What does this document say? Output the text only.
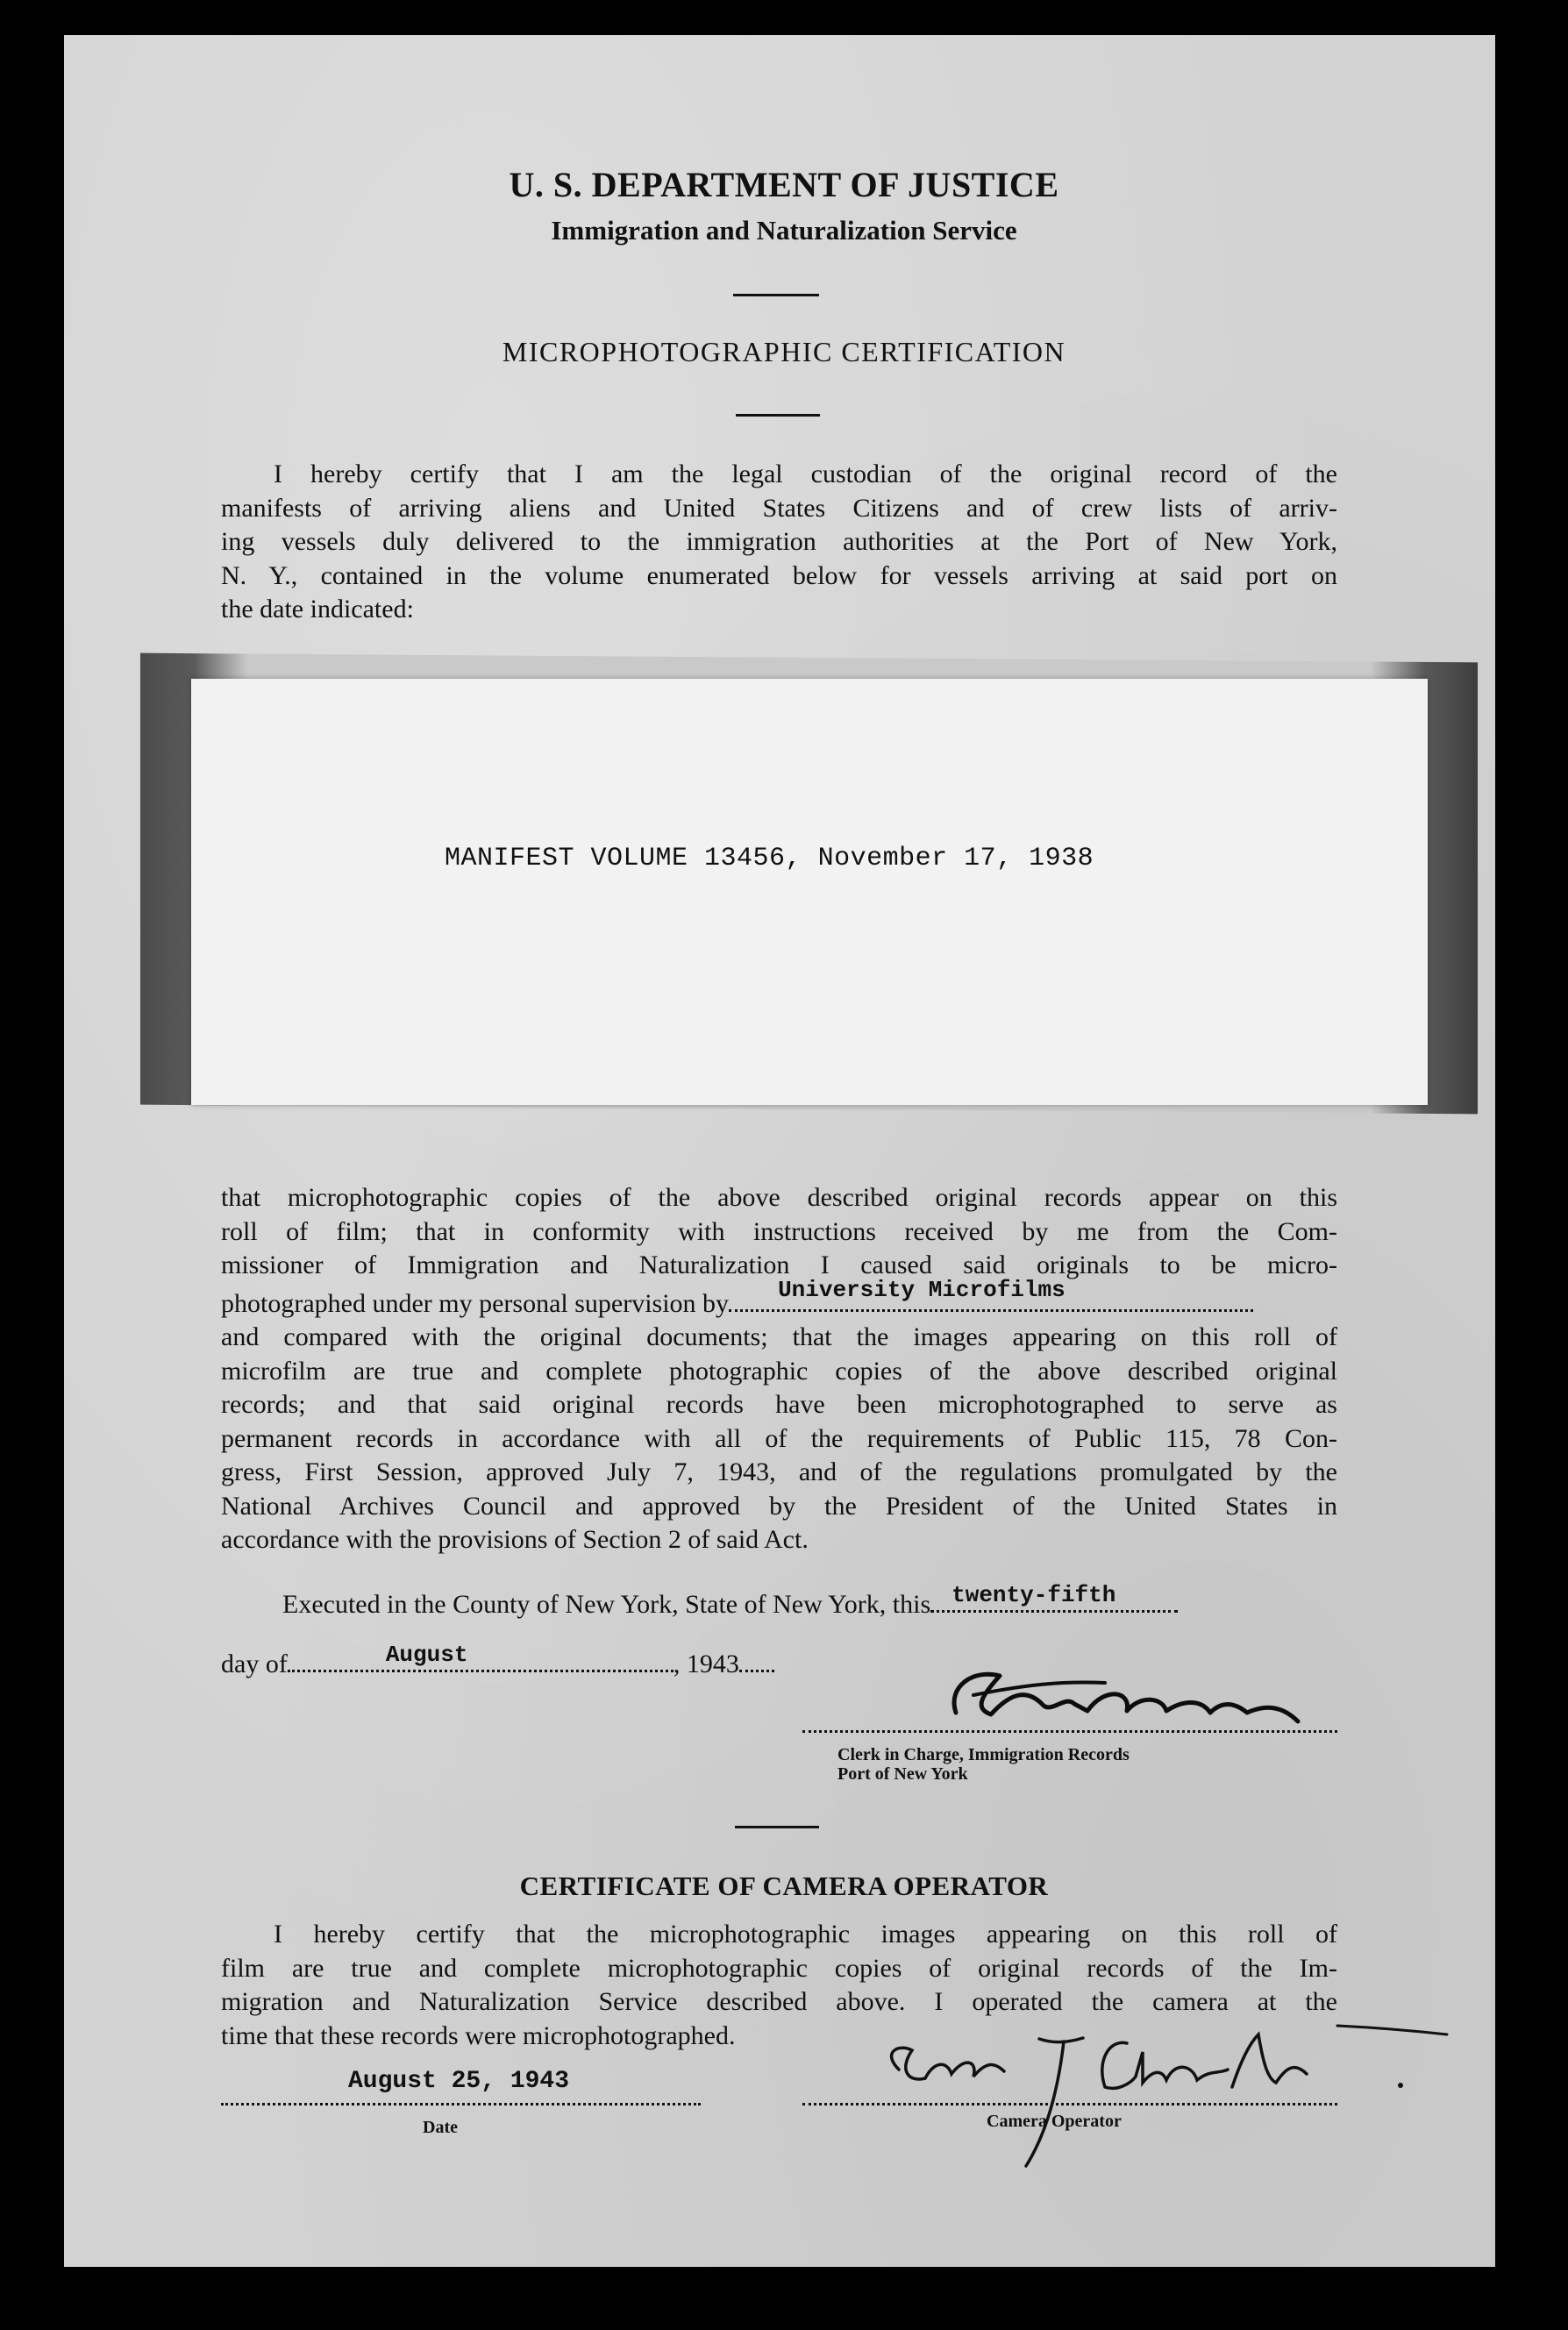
U. S. DEPARTMENT OF JUSTICE
Immigration and Naturalization Service
MICROPHOTOGRAPHIC CERTIFICATION
I hereby certify that I am the legal custodian of the original record of the
manifests of arriving aliens and United States Citizens and of crew lists of arriv-
ing vessels duly delivered to the immigration authorities at the Port of New York,
N. Y., contained in the volume enumerated below for vessels arriving at said port on
the date indicated:
MANIFEST VOLUME 13456, November 17, 1938
that microphotographic copies of the above described original records appear on this
roll of film; that in conformity with instructions received by me from the Com-
missioner of Immigration and Naturalization I caused said originals to be micro-
photographed under my personal supervision by University Microfilms
and compared with the original documents; that the images appearing on this roll of
microfilm are true and complete photographic copies of the above described original
records; and that said original records have been microphotographed to serve as
permanent records in accordance with all of the requirements of Public 115, 78 Con-
gress, First Session, approved July 7, 1943, and of the regulations promulgated by the
National Archives Council and approved by the President of the United States in
accordance with the provisions of Section 2 of said Act.
Executed in the County of New York, State of New York, this twenty-fifth
day of	August	, 1943
Clerk in Charge, Immigration Records
Port of New York
CERTIFICATE OF CAMERA OPERATOR
I hereby certify that the microphotographic images appearing on this roll of
film are true and complete microphotographic copies of original records of the Im-
migration and Naturalization Service described above. I operated the camera at the
time that these records were microphotographed.
August 25, 1943
Date	Camera Operator
